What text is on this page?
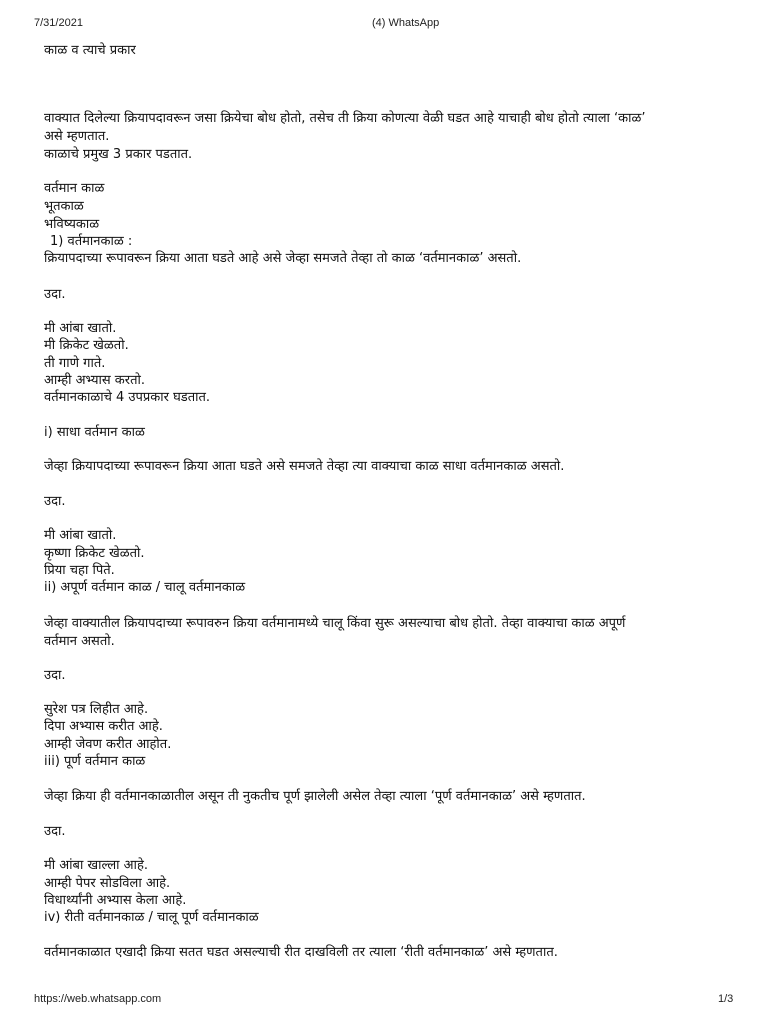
7/31/2021	(4) WhatsApp
काळ व त्याचे प्रकार
वाक्यात दिलेल्या क्रियापदावरून जसा क्रियेचा बोध होतो, तसेच ती क्रिया कोणत्या वेळी घडत आहे याचाही बोध होतो त्याला ‘काळ’
असे म्हणतात.
काळाचे प्रमुख 3 प्रकार पडतात.
वर्तमान काळ
भूतकाळ
भविष्यकाळ
1) वर्तमानकाळ :
क्रियापदाच्या रूपावरून क्रिया आता घडते आहे असे जेव्हा समजते तेव्हा तो काळ ‘वर्तमानकाळ’ असतो.
उदा.
मी आंबा खातो.
मी क्रिकेट खेळतो.
ती गाणे गाते.
आम्ही अभ्यास करतो.
वर्तमानकाळाचे 4 उपप्रकार घडतात.
i) साधा वर्तमान काळ
जेव्हा क्रियापदाच्या रूपावरून क्रिया आता घडते असे समजते तेव्हा त्या वाक्याचा काळ साधा वर्तमानकाळ असतो.
उदा.
मी आंबा खातो.
कृष्णा क्रिकेट खेळतो.
प्रिया चहा पिते.
ii) अपूर्ण वर्तमान काळ / चालू वर्तमानकाळ
जेव्हा वाक्यातील क्रियापदाच्या रूपावरुन क्रिया वर्तमानामध्ये चालू किंवा सुरू असल्याचा बोध होतो. तेव्हा वाक्याचा काळ अपूर्ण
वर्तमान असतो.
उदा.
सुरेश पत्र लिहीत आहे.
दिपा अभ्यास करीत आहे.
आम्ही जेवण करीत आहोत.
iii) पूर्ण वर्तमान काळ
जेव्हा क्रिया ही वर्तमानकाळातील असून ती नुकतीच पूर्ण झालेली असेल तेव्हा त्याला ‘पूर्ण वर्तमानकाळ’ असे म्हणतात.
उदा.
मी आंबा खाल्ला आहे.
आम्ही पेपर सोडविला आहे.
विधार्थ्यांनी अभ्यास केला आहे.
iv) रीती वर्तमानकाळ / चालू पूर्ण वर्तमानकाळ
वर्तमानकाळात एखादी क्रिया सतत घडत असल्याची रीत दाखविली तर त्याला ‘रीती वर्तमानकाळ’ असे म्हणतात.
https://web.whatsapp.com	1/3
